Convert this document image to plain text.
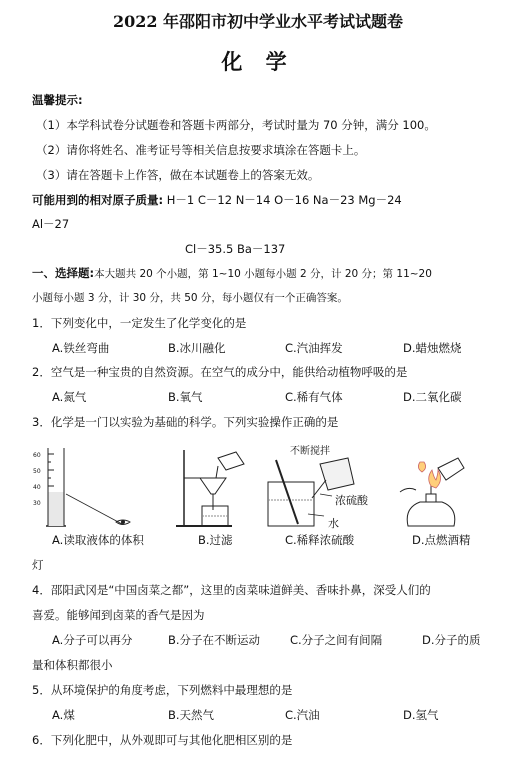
2022 年邵阳市初中学业水平考试试题卷
化 学
温馨提示:
（1）本学科试卷分试题卷和答题卡两部分，考试时量为 70 分钟，满分 100。
（2）请你将姓名、准考证号等相关信息按要求填涂在答题卡上。
（3）请在答题卡上作答，做在本试题卷上的答案无效。
可能用到的相对原子质量: H－1 C－12 N－14 O－16 Na－23 Mg－24
Al－27
Cl－35.5 Ba－137
一、选择题:本大题共 20 个小题，第 1~10 小题每小题 2 分，计 20 分；第 11~20
小题每小题 3 分，计 30 分，共 50 分，每小题仅有一个正确答案。
1．下列变化中，一定发生了化学变化的是
A.铁丝弯曲	B.冰川融化	C.汽油挥发	D.蜡烛燃烧
2．空气是一种宝贵的自然资源。在空气的成分中，能供给动植物呼吸的是
A.氮气	B.氧气	C.稀有气体	D.二氧化碳
3．化学是一门以实验为基础的科学。下列实验操作正确的是
60
50
40
30
不断搅拌
浓硫酸
水
A.读取液体的体积	B.过滤	C.稀释浓硫酸	D.点燃酒精
灯
4．邵阳武冈是“中国卤菜之都”，这里的卤菜味道鲜美、香味扑鼻，深受人们的
喜爱。能够闻到卤菜的香气是因为
A.分子可以再分	B.分子在不断运动	C.分子之间有间隔	D.分子的质
量和体积都很小
5．从环境保护的角度考虑，下列燃料中最理想的是
A.煤	B.天然气	C.汽油	D.氢气
6．下列化肥中，从外观即可与其他化肥相区别的是
